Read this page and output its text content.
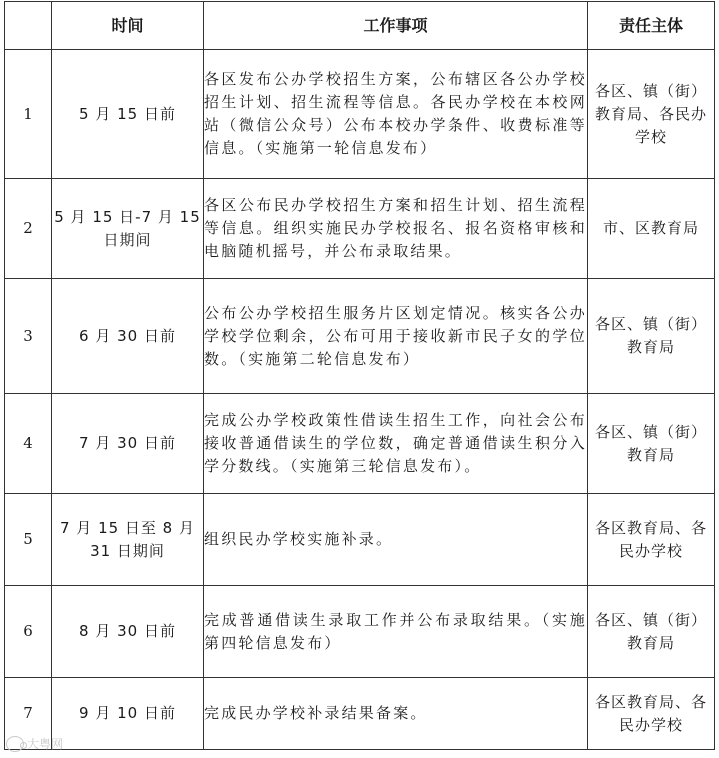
	时间	工作事项	责任主体
1	5 月 15 日前	各区发布公办学校招生方案，公布辖区各公办学校招生计划、招生流程等信息。各民办学校在本校网站（微信公众号）公布本校办学条件、收费标准等信息。（实施第一轮信息发布）	各区、镇（街）教育局、各民办学校
2	5 月 15 日-7 月 15 日期间	各区公布民办学校招生方案和招生计划、招生流程等信息。组织实施民办学校报名、报名资格审核和电脑随机摇号，并公布录取结果。	市、区教育局
3	6 月 30 日前	公布公办学校招生服务片区划定情况。核实各公办学校学位剩余，公布可用于接收新市民子女的学位数。（实施第二轮信息发布）	各区、镇（街）教育局
4	7 月 30 日前	完成公办学校政策性借读生招生工作，向社会公布接收普通借读生的学位数，确定普通借读生积分入学分数线。（实施第三轮信息发布）。	各区、镇（街）教育局
5	7 月 15 日至 8 月 31 日期间	组织民办学校实施补录。	各区教育局、各民办学校
6	8 月 30 日前	完成普通借读生录取工作并公布录取结果。（实施第四轮信息发布）	各区、镇（街）教育局
7	9 月 10 日前	完成民办学校补录结果备案。	各区教育局、各民办学校
大粤网
